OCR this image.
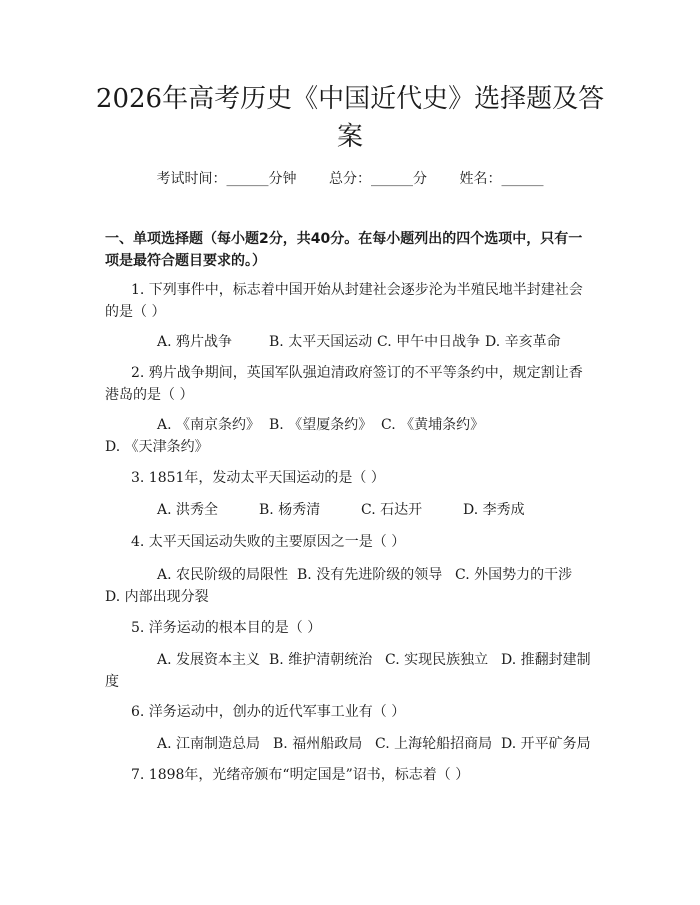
2026年高考历史《中国近代史》选择题及答案
考试时间：______分钟 总分：______分 姓名：______
一、单项选择题（每小题2分，共40分。在每小题列出的四个选项中，只有一项是最符合题目要求的。）
1. 下列事件中，标志着中国开始从封建社会逐步沦为半殖民地半封建社会的是（ ）
A. 鸦片战争	B. 太平天国运动 C. 甲午中日战争 D. 辛亥革命
2. 鸦片战争期间，英国军队强迫清政府签订的不平等条约中，规定割让香港岛的是（ ）
A. 《南京条约》 B. 《望厦条约》 C. 《黄埔条约》D. 《天津条约》
3. 1851年，发动太平天国运动的是（ ）
A. 洪秀全	B. 杨秀清	C. 石达开	D. 李秀成
4. 太平天国运动失败的主要原因之一是（ ）
A. 农民阶级的局限性 B. 没有先进阶级的领导 C. 外国势力的干涉D. 内部出现分裂
5. 洋务运动的根本目的是（ ）
A. 发展资本主义 B. 维护清朝统治 C. 实现民族独立 D. 推翻封建制度
6. 洋务运动中，创办的近代军事工业有（ ）
A. 江南制造总局 B. 福州船政局 C. 上海轮船招商局 D. 开平矿务局
7. 1898年，光绪帝颁布“明定国是”诏书，标志着（ ）
